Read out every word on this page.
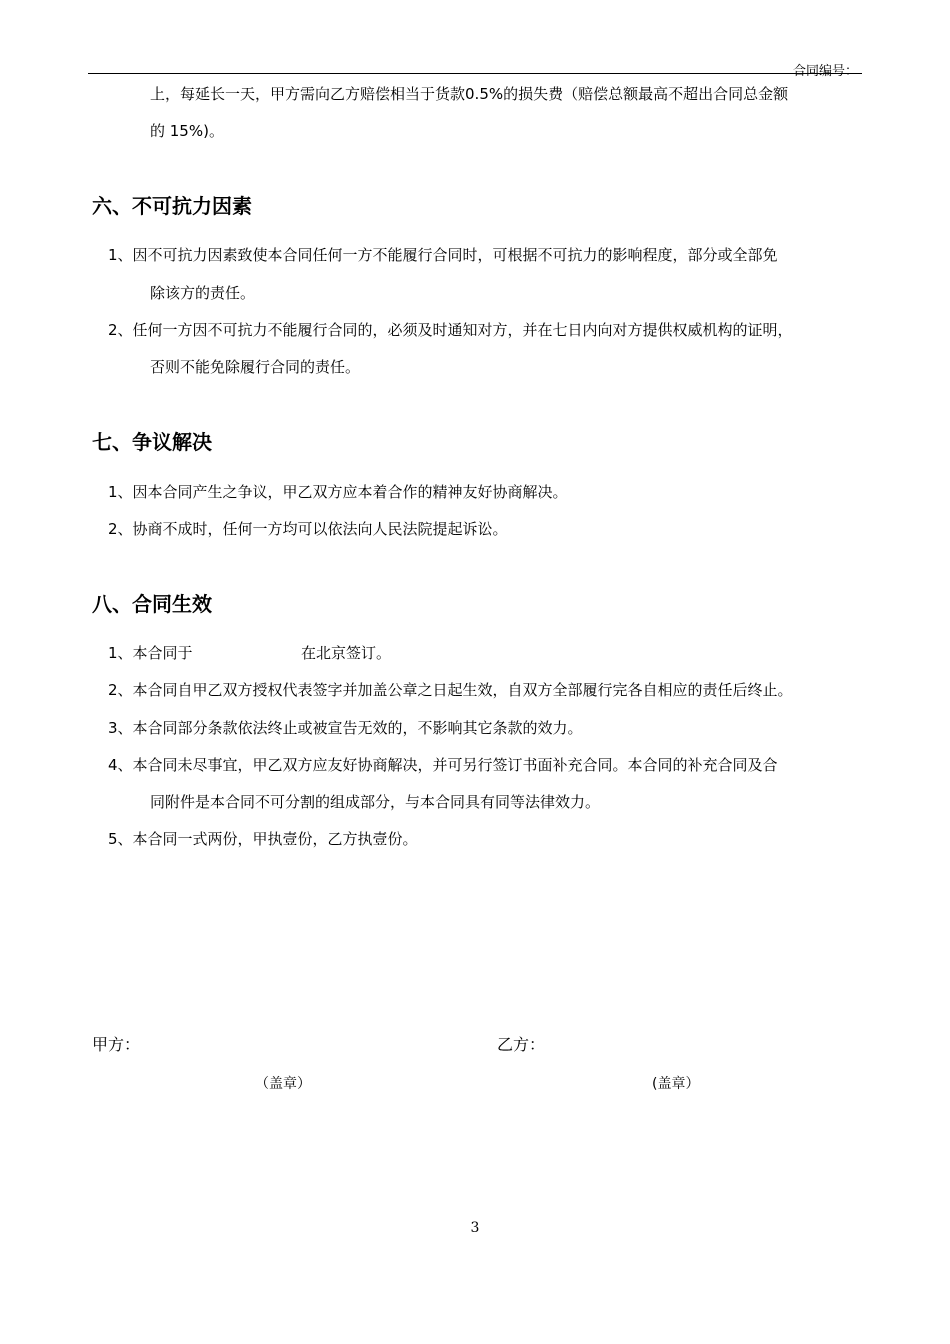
合同编号：
上，每延长一天，甲方需向乙方赔偿相当于货款0.5%的损失费（赔偿总额最高不超出合同总金额
的 15%)。
六、不可抗力因素
1、因不可抗力因素致使本合同任何一方不能履行合同时，可根据不可抗力的影响程度，部分或全部免
除该方的责任。
2、任何一方因不可抗力不能履行合同的，必须及时通知对方，并在七日内向对方提供权威机构的证明，
否则不能免除履行合同的责任。
七、争议解决
1、因本合同产生之争议，甲乙双方应本着合作的精神友好协商解决。
2、协商不成时，任何一方均可以依法向人民法院提起诉讼。
八、合同生效
1、本合同于	在北京签订。
2、本合同自甲乙双方授权代表签字并加盖公章之日起生效，自双方全部履行完各自相应的责任后终止。
3、本合同部分条款依法终止或被宣告无效的，不影响其它条款的效力。
4、本合同未尽事宜，甲乙双方应友好协商解决，并可另行签订书面补充合同。本合同的补充合同及合
同附件是本合同不可分割的组成部分，与本合同具有同等法律效力。
5、本合同一式两份，甲执壹份，乙方执壹份。
甲方：	乙方：
（盖章）	(盖章）
3
